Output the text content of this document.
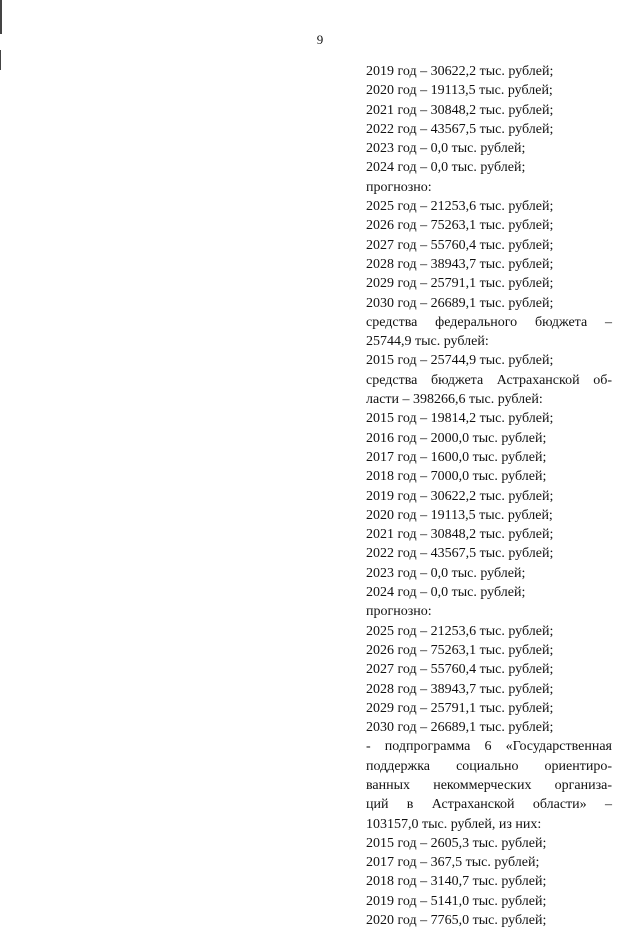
9
2019 год – 30622,2 тыс. рублей;
2020 год – 19113,5 тыс. рублей;
2021 год – 30848,2 тыс. рублей;
2022 год – 43567,5 тыс. рублей;
2023 год – 0,0 тыс. рублей;
2024 год – 0,0 тыс. рублей;
прогнозно:
2025 год – 21253,6 тыс. рублей;
2026 год – 75263,1 тыс. рублей;
2027 год – 55760,4 тыс. рублей;
2028 год – 38943,7 тыс. рублей;
2029 год – 25791,1 тыс. рублей;
2030 год – 26689,1 тыс. рублей;
средства федерального бюджета –
25744,9 тыс. рублей:
2015 год – 25744,9 тыс. рублей;
средства бюджета Астраханской об-
ласти – 398266,6 тыс. рублей:
2015 год – 19814,2 тыс. рублей;
2016 год – 2000,0 тыс. рублей;
2017 год – 1600,0 тыс. рублей;
2018 год – 7000,0 тыс. рублей;
2019 год – 30622,2 тыс. рублей;
2020 год – 19113,5 тыс. рублей;
2021 год – 30848,2 тыс. рублей;
2022 год – 43567,5 тыс. рублей;
2023 год – 0,0 тыс. рублей;
2024 год – 0,0 тыс. рублей;
прогнозно:
2025 год – 21253,6 тыс. рублей;
2026 год – 75263,1 тыс. рублей;
2027 год – 55760,4 тыс. рублей;
2028 год – 38943,7 тыс. рублей;
2029 год – 25791,1 тыс. рублей;
2030 год – 26689,1 тыс. рублей;
- подпрограмма 6 «Государственная
поддержка социально ориентиро-
ванных некоммерческих организа-
ций в Астраханской области» –
103157,0 тыс. рублей, из них:
2015 год – 2605,3 тыс. рублей;
2017 год – 367,5 тыс. рублей;
2018 год – 3140,7 тыс. рублей;
2019 год – 5141,0 тыс. рублей;
2020 год – 7765,0 тыс. рублей;
